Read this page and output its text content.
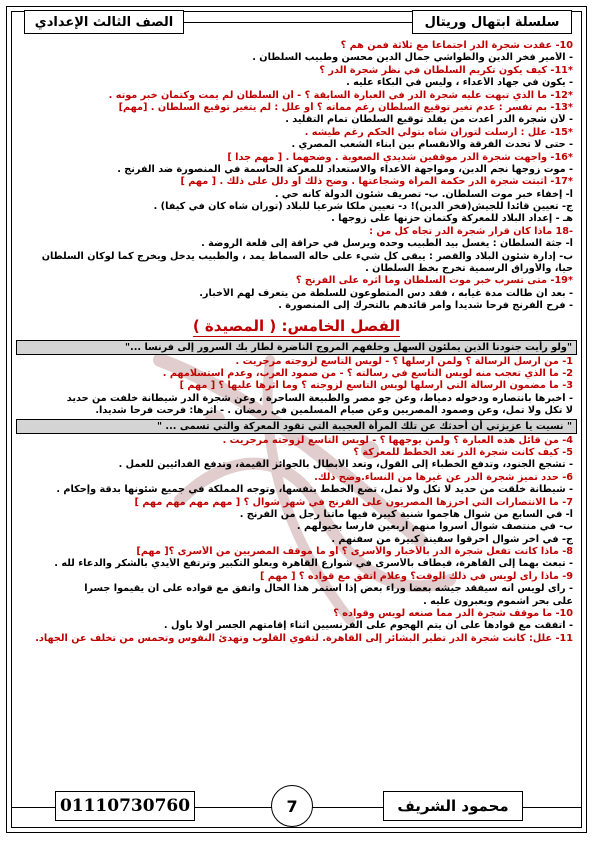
سلسلة ابتهال وريتال
الصف الثالث الإعدادي
10- عقدت شجرة الدر اجتماعا مع ثلاثة فمن هم ؟
- الأمير فخر الدين والطواشي جمال الدين محسن وطبيب السلطان .
*11- كيف يكون تكريم السلطان في نظر شجرة الدر ؟
- يكون في جهاد الأعداء ، وليس في البكاء عليه .
*12- ما الذي تبهت عليه شجرة الدر في العبارة السابقة ؟ - أن السلطان لم يمت وكتمان خبر موته .
*13- بم تفسر : عدم تغير توقيع السلطان رغم مماته ؟ أو علل : لم يتغير توقيع السلطان . [مهم]
- لأن شجرة الدر أعدت من يقلد توقيع السلطان تمام التقليد .
*15- علل : أرسلت لتوران شاه بتولي الحكم رغم طيشه .
- حتى لا تحدث الفرقة والانقسام بين أبناء الشعب المصري .
*16- واجهت شجرة الدر موقفين شديدي الصعوبة . وضحهما . [ مهم جدا ]
- موت زوجها نجم الدين، ومواجهة الأعداء والاستعداد للمعركة الحاسمة في المنصورة ضد الفرنج .
*17- أثبتت شجرة الدر حكمة المرأة وشجاعتها . وضح ذلك أو دلل على ذلك . [ مهم ]
أ- إخفاء خبر موت السلطان. ب- تصريف شئون الدولة كأنه حي .
ج- تعيين قائدا للجيش(فخر الدين)! د- تعيين ملكا شرعيا للبلاد (توران شاه كان في كيفا) .
هـ - إعداد البلاد للمعركة وكتمان حزنها على زوجها .
-18 ماذا كان قرار شجرة الدر تجاه كل من :
أ- جثة السلطان : يغسل بيد الطبيب وحده ويرسل في حراقة إلى قلعة الروضة .
ب- إدارة شئون البلاد والقصر : يبقى كل شيء على حاله السماط يمد ، والطبيب يدخل ويخرج كما لوكان السلطان
حيا، والأوراق الرسمية تخرج بخط السلطان .
*19- متى تسرب خبر موت السلطان وما أثره على الفرنج ؟
- بعد أن طالت مدة غيابه ، فقد دس المتطوعون للسلطة من يتعرف لهم الأخبار.
- فرح الفرنج فرحا شديدا وأمر قائدهم بالتحرك إلى المنصورة .
الفصل الخامس: ( المصيدة )
"ولو رأيت جنودنا الذين يملئون السهل وخلفهم المروج الناضرة لطار بك السرور إلى فرنسا ..."
1- من ارسل الرسالة ؟ ولمن أرسلها ؟ - لويس التاسع لزوجته مرجريت .
2- ما الذي تعجب منه لويس التاسع في رسالته ؟ - من صمود العرب، وعدم استسلامهم .
3- ما مضمون الرسالة التي أرسلها لويس التاسع لزوجته ؟ وما أثرها عليها ؟ [ مهم ]
- أخبرها بانتصاره ودخوله دمياط، وعن جو مصر والطبيعة الساحرة ، وعن شجرة الدر شيطانة خلفت من حديد
لا تكل ولا تمل، وعن وصمود المصريين وعن صيام المسلمين في رمضان . - أثرها: فرحت فرحا شديدا.
" نسيت يا عزيزتي أن أحدثك عن تلك المرأة العجيبة التي تقود المعركة والتي تسمى ... "
4- من قائل هذه العبارة ؟ ولمن يوجهها ؟ - لويس التاسع لزوجته مرجريت .
5- كيف كانت شجرة الدر تعد الخطط للمعركة ؟
- تشجع الجنود، وتدفع الخطباء إلى القول، وتعد الأبطال بالجوائز القيمة، وتدفع الفدائيين للعمل .
6- حدد تميز شجرة الدر عن غيرها من النساء.وضح ذلك.
- شيطانة خلقت من حديد لا تكل ولا تمل، تضع الخطط بنفسها، وتوجه المملكة في جميع شئونها بدقة وإحكام .
7- ما الانتصارات التي أحرزها المصريون على الفرنج في شهر شوال ؟ [ مهم مهم مهم مهم ]
أ- في السابع من شوال هاجموا شنية كبيرة فيها ماتنا رجل من الفرنج .
ب- في منتصف شوال أسروا منهم أربعين فارسا بخيولهم .
ج- في آخر شوال أحرقوا سفينة كبيرة من سفنهم .
8- ماذا كانت تفعل شجرة الدر بالأخبار والأسرى ؟ أو ما موقف المصريين من الأسرى ؟[ مهم]
- تبعث بهما إلى القاهرة، فيطاف بالأسرى في شوارع القاهرة ويعلو التكبير وترتفع الأيدي بالشكر والدعاء لله .
9- ماذا رأى لويس في ذلك الوقت؟ وعلام اتفق مع قواده ؟ [ مهم ]
- رأى لويس أنه سيفقد جيشه بعضا وراء بعض إذا استمر هذا الحال واتفق مع قواده على أن يقيموا جسرا
على بحر أشموم ويعبرون عليه .
10- ما موقف شجرة الدر مما صنعه لويس وقواده ؟
- اتفقت مع قوادها على أن يتم الهجوم على الفرنسيين أثناء إقامتهم الجسر أولا بأول .
11- علل: كانت شجرة الدر تطير البشائر إلى القاهرة. لتقوي القلوب وتهدئ النفوس وتحمس من تخلف عن الجهاد.
01110730760	محمود الشريف
7
